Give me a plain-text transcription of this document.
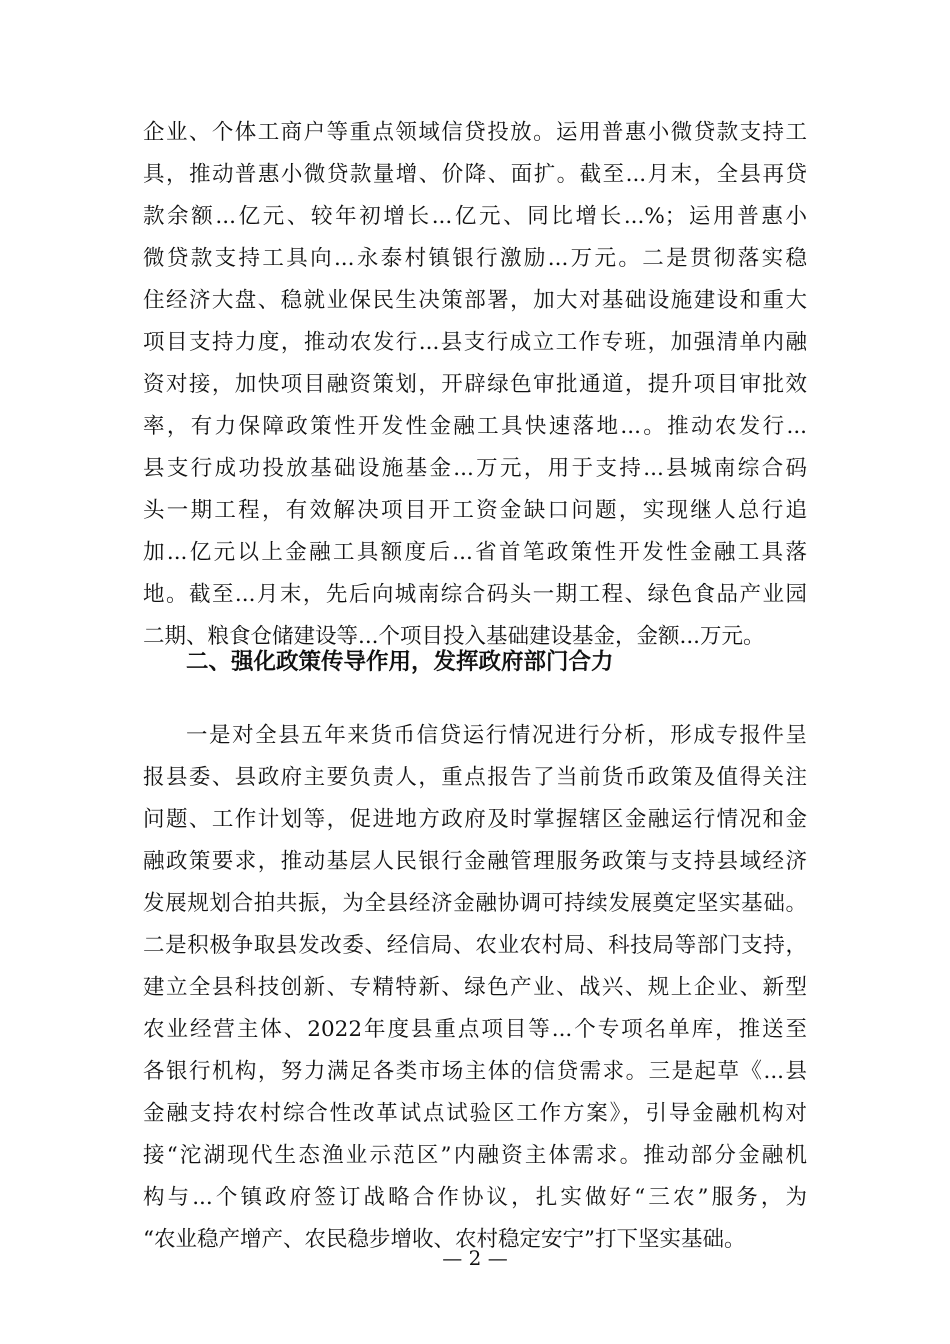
企业、个体工商户等重点领域信贷投放。运用普惠小微贷款支持工
具，推动普惠小微贷款量增、价降、面扩。截至...月末，全县再贷
款余额...亿元、较年初增长...亿元、同比增长...%；运用普惠小
微贷款支持工具向...永泰村镇银行激励...万元。二是贯彻落实稳
住经济大盘、稳就业保民生决策部署，加大对基础设施建设和重大
项目支持力度，推动农发行...县支行成立工作专班，加强清单内融
资对接，加快项目融资策划，开辟绿色审批通道，提升项目审批效
率，有力保障政策性开发性金融工具快速落地...。推动农发行...
县支行成功投放基础设施基金...万元，用于支持...县城南综合码
头一期工程，有效解决项目开工资金缺口问题，实现继人总行追
加...亿元以上金融工具额度后...省首笔政策性开发性金融工具落
地。截至...月末，先后向城南综合码头一期工程、绿色食品产业园
二期、粮食仓储建设等...个项目投入基础建设基金，金额...万元。
二、强化政策传导作用，发挥政府部门合力
一是对全县五年来货币信贷运行情况进行分析，形成专报件呈
报县委、县政府主要负责人，重点报告了当前货币政策及值得关注
问题、工作计划等，促进地方政府及时掌握辖区金融运行情况和金
融政策要求，推动基层人民银行金融管理服务政策与支持县域经济
发展规划合拍共振，为全县经济金融协调可持续发展奠定坚实基础。
二是积极争取县发改委、经信局、农业农村局、科技局等部门支持，
建立全县科技创新、专精特新、绿色产业、战兴、规上企业、新型
农业经营主体、2022年度县重点项目等...个专项名单库，推送至
各银行机构，努力满足各类市场主体的信贷需求。三是起草《...县
金融支持农村综合性改革试点试验区工作方案》，引导金融机构对
接“沱湖现代生态渔业示范区”内融资主体需求。推动部分金融机
构与...个镇政府签订战略合作协议，扎实做好“三农”服务，为
“农业稳产增产、农民稳步增收、农村稳定安宁”打下坚实基础。
— 2 —
